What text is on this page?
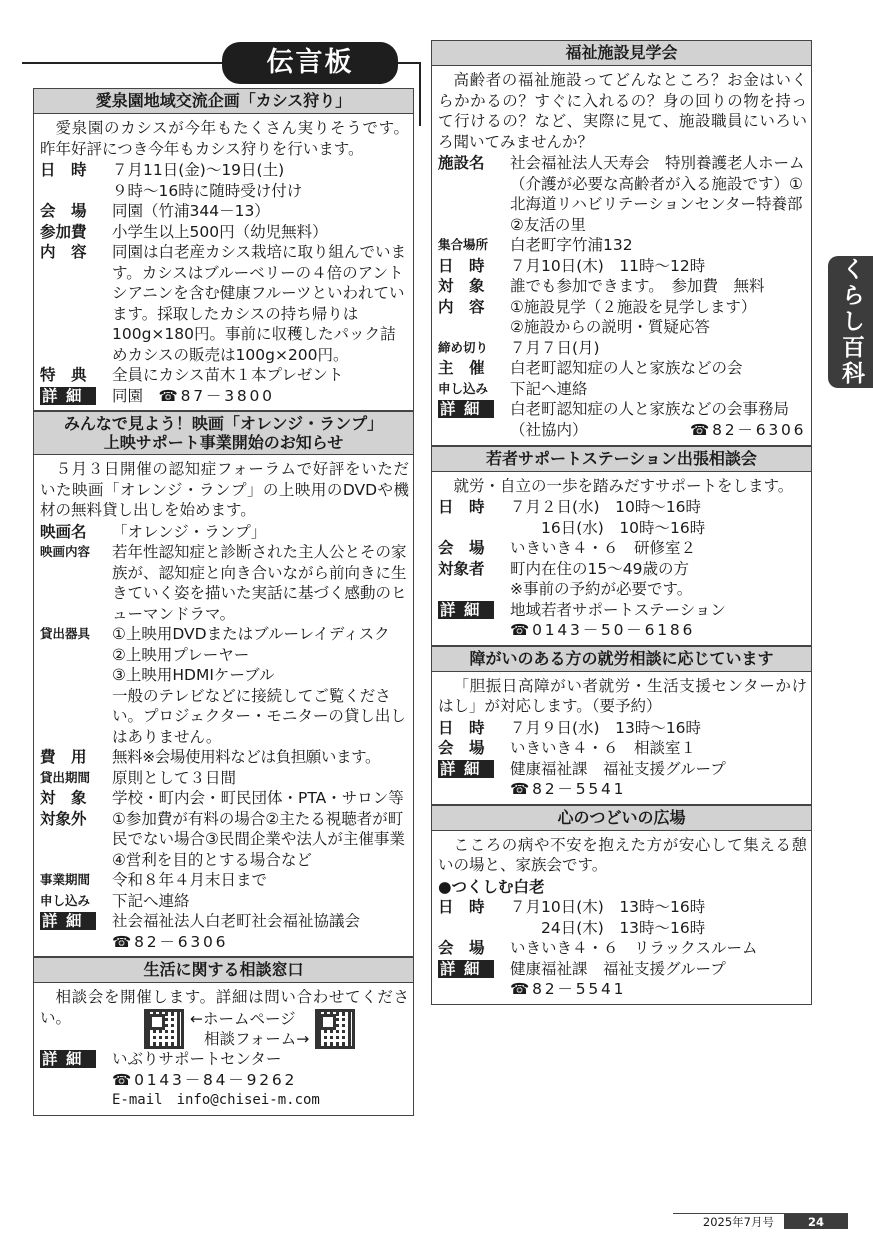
伝言板
くらし百科
愛泉園地域交流企画「カシス狩り」
愛泉園のカシスが今年もたくさん実りそうです。昨年好評につき今年もカシス狩りを行います。
日　時	７月11日(金)～19日(土)
９時～16時に随時受け付け
会　場	同園（竹浦344－13）
参加費	小学生以上500円（幼児無料）
内　容	同園は白老産カシス栽培に取り組んでいます。カシスはブルーベリーの４倍のアントシアニンを含む健康フルーツといわれています。採取したカシスの持ち帰りは100g×180円。事前に収穫したパック詰めカシスの販売は100g×200円。
特　典	全員にカシス苗木１本プレゼント
詳細	同園　 ☎87－3800
みんなで見よう！映画「オレンジ・ランプ」
上映サポート事業開始のお知らせ
５月３日開催の認知症フォーラムで好評をいただいた映画「オレンジ・ランプ」の上映用のDVDや機材の無料貸し出しを始めます。
映画名	「オレンジ・ランプ」
映画内容	若年性認知症と診断された主人公とその家族が、認知症と向き合いながら前向きに生きていく姿を描いた実話に基づく感動のヒューマンドラマ。
貸出器具	①上映用DVDまたはブルーレイディスク
②上映用プレーヤー
③上映用HDMIケーブル
一般のテレビなどに接続してご覧ください。プロジェクター・モニターの貸し出しはありません。
費　用	無料※会場使用料などは負担願います。
貸出期間	原則として３日間
対　象	学校・町内会・町民団体・PTA・サロン等
対象外	①参加費が有料の場合②主たる視聴者が町民でない場合③民間企業や法人が主催事業④営利を目的とする場合など
事業期間	令和８年４月末日まで
申し込み	下記へ連絡
詳細	社会福祉法人白老町社会福祉協議会
☎82－6306
生活に関する相談窓口
相談会を開催します。詳細は問い合わせてください。	←ホームページ
相談フォーム→
詳細	いぶりサポートセンター
☎0143－84－9262
E-mail　info@chisei-m.com
福祉施設見学会
高齢者の福祉施設ってどんなところ？お金はいくらかかるの？すぐに入れるの？身の回りの物を持って行けるの？など、実際に見て、施設職員にいろいろ聞いてみませんか？
施設名	社会福祉法人天寿会　特別養護老人ホーム（介護が必要な高齢者が入る施設です）①北海道リハビリテーションセンター特養部②友活の里
集合場所	白老町字竹浦132
日　時	７月10日(木)　11時～12時
対　象	誰でも参加できます。　参加費　無料
内　容	①施設見学（２施設を見学します）
②施設からの説明・質疑応答
締め切り	７月７日(月)
主　催	白老町認知症の人と家族などの会
申し込み	下記へ連絡
詳細	白老町認知症の人と家族などの会事務局（社協内）	☎82－6306
若者サポートステーション出張相談会
就労・自立の一歩を踏みだすサポートをします。
日　時	７月２日(水)　10時～16時
　　16日(水)　10時～16時
会　場	いきいき４・６　研修室２
対象者	町内在住の15～49歳の方
※事前の予約が必要です。
詳細	地域若者サポートステーション
☎0143－50－6186
障がいのある方の就労相談に応じています
「胆振日高障がい者就労・生活支援センターかけはし」が対応します。（要予約）
日　時	７月９日(水)　13時～16時
会　場	いきいき４・６　相談室１
詳細	健康福祉課　福祉支援グループ
☎82－5541
心のつどいの広場
こころの病や不安を抱えた方が安心して集える憩いの場と、家族会です。
●つくしむ白老
日　時	７月10日(木)　13時～16時
　　24日(木)　13時～16時
会　場	いきいき４・６　リラックスルーム
詳細	健康福祉課　福祉支援グループ
☎82－5541
2025年7月号	24
